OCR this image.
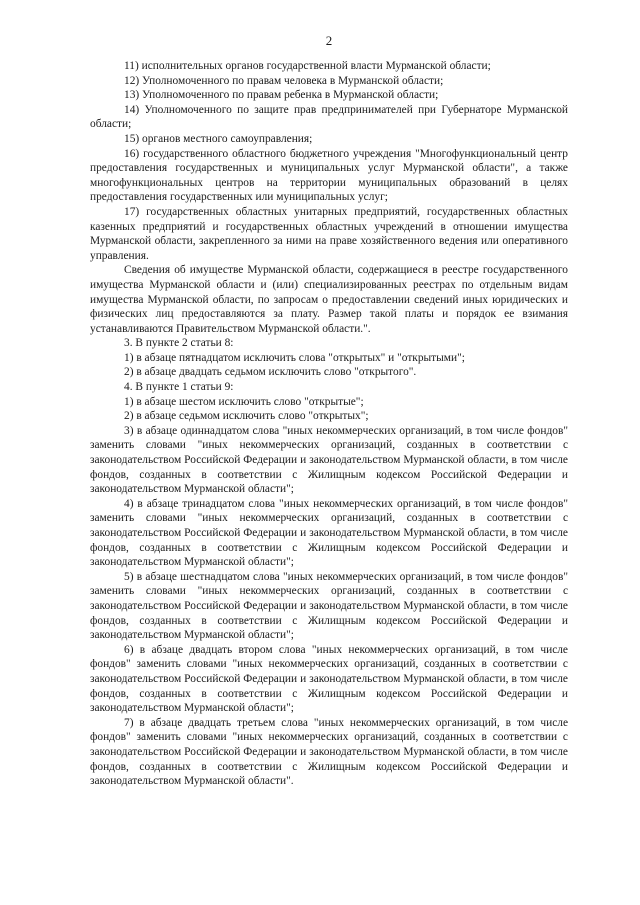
2

11) исполнительных органов государственной власти Мурманской области;

12) Уполномоченного по правам человека в Мурманской области;

13) Уполномоченного по правам ребенка в Мурманской области;

14) Уполномоченного по защите прав предпринимателей при Губернаторе Мурманской области;

15) органов местного самоуправления;

16) государственного областного бюджетного учреждения "Многофункциональный центр предоставления государственных и муниципальных услуг Мурманской области", а также многофункциональных центров на территории муниципальных образований в целях предоставления государственных или муниципальных услуг;

17) государственных областных унитарных предприятий, государственных областных казенных предприятий и государственных областных учреждений в отношении имущества Мурманской области, закрепленного за ними на праве хозяйственного ведения или оперативного управления.

Сведения об имуществе Мурманской области, содержащиеся в реестре государственного имущества Мурманской области и (или) специализированных реестрах по отдельным видам имущества Мурманской области, по запросам о предоставлении сведений иных юридических и физических лиц предоставляются за плату. Размер такой платы и порядок ее взимания устанавливаются Правительством Мурманской области.".

3. В пункте 2 статьи 8:

1) в абзаце пятнадцатом исключить слова "открытых" и "открытыми";

2) в абзаце двадцать седьмом исключить слово "открытого".

4. В пункте 1 статьи 9:

1) в абзаце шестом исключить слово "открытые";

2) в абзаце седьмом исключить слово "открытых";

3) в абзаце одиннадцатом слова "иных некоммерческих организаций, в том числе фондов" заменить словами "иных некоммерческих организаций, созданных в соответствии с законодательством Российской Федерации и законодательством Мурманской области, в том числе фондов, созданных в соответствии с Жилищным кодексом Российской Федерации и законодательством Мурманской области";

4) в абзаце тринадцатом слова "иных некоммерческих организаций, в том числе фондов" заменить словами "иных некоммерческих организаций, созданных в соответствии с законодательством Российской Федерации и законодательством Мурманской области, в том числе фондов, созданных в соответствии с Жилищным кодексом Российской Федерации и законодательством Мурманской области";

5) в абзаце шестнадцатом слова "иных некоммерческих организаций, в том числе фондов" заменить словами "иных некоммерческих организаций, созданных в соответствии с законодательством Российской Федерации и законодательством Мурманской области, в том числе фондов, созданных в соответствии с Жилищным кодексом Российской Федерации и законодательством Мурманской области";

6) в абзаце двадцать втором слова "иных некоммерческих организаций, в том числе фондов" заменить словами "иных некоммерческих организаций, созданных в соответствии с законодательством Российской Федерации и законодательством Мурманской области, в том числе фондов, созданных в соответствии с Жилищным кодексом Российской Федерации и законодательством Мурманской области";

7) в абзаце двадцать третьем слова "иных некоммерческих организаций, в том числе фондов" заменить словами "иных некоммерческих организаций, созданных в соответствии с законодательством Российской Федерации и законодательством Мурманской области, в том числе фондов, созданных в соответствии с Жилищным кодексом Российской Федерации и законодательством Мурманской области".
